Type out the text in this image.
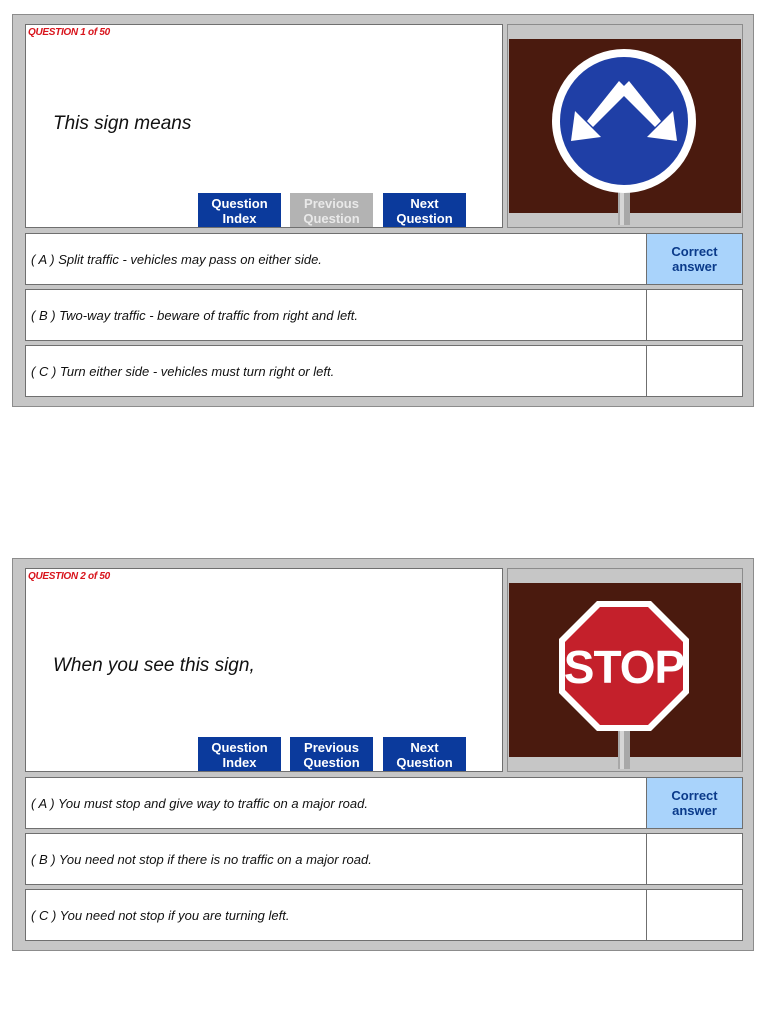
QUESTION 1 of 50
This sign means
Question
Index
Previous
Question
Next
Question
( A ) Split traffic - vehicles may pass on either side.
Correct
answer
( B ) Two-way traffic - beware of traffic from right and left.
( C ) Turn either side - vehicles must turn right or left.
QUESTION 2 of 50
When you see this sign,
Question
Index
Previous
Question
Next
Question
STOP
( A ) You must stop and give way to traffic on a major road.
Correct
answer
( B ) You need not stop if there is no traffic on a major road.
( C ) You need not stop if you are turning left.
